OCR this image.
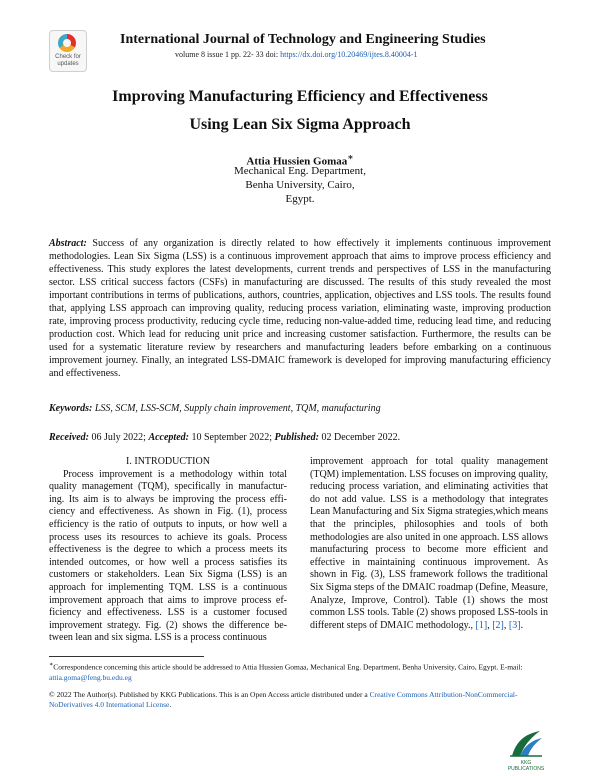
Check for
updates
International Journal of Technology and Engineering Studies
volume 8 issue 1 pp. 22- 33 doi: https://dx.doi.org/10.20469/ijtes.8.40004-1
Improving Manufacturing Efficiency and Effectiveness
Using Lean Six Sigma Approach
Attia Hussien Gomaa∗
Mechanical Eng. Department,
Benha University, Cairo,
Egypt.
Abstract: Success of any organization is directly related to how effectively it implements continuous improvement methodologies. Lean Six Sigma (LSS) is a continuous improvement approach that aims to improve process efficiency and effectiveness. This study explores the latest developments, current trends and perspectives of LSS in the manufacturing sector. LSS critical success factors (CSFs) in manufacturing are discussed. The results of this study revealed the most important contributions in terms of publications, authors, countries, application, objectives and LSS tools. The results found that, applying LSS approach can improving quality, reducing process variation, eliminating waste, improving production rate, improving process productivity, reducing cycle time, reducing non-value-added time, reducing lead time, and reducing production cost. Which lead for reducing unit price and increasing customer satisfaction. Furthermore, the results can be used for a systematic literature review by researchers and manufacturing leaders before embarking on a continuous improvement journey. Finally, an integrated LSS-DMAIC framework is developed for improving manufacturing efficiency and effectiveness.
Keywords: LSS, SCM, LSS-SCM, Supply chain improvement, TQM, manufacturing
Received: 06 July 2022; Accepted: 10 September 2022; Published: 02 December 2022.
I. INTRODUCTION
Process improvement is a methodology within total quality management (TQM), specifically in manufactur-ing. Its aim is to always be improving the process effi-ciency and effectiveness. As shown in Fig. (1), process efficiency is the ratio of outputs to inputs, or how well a process uses its resources to achieve its goals. Process effectiveness is the degree to which a process meets its intended outcomes, or how well a process satisfies its customers or stakeholders. Lean Six Sigma (LSS) is an approach for implementing TQM. LSS is a continuous improvement approach that aims to improve process ef-ficiency and effectiveness. LSS is a customer focused improvement strategy. Fig. (2) shows the difference be-tween lean and six sigma. LSS is a process continuous
improvement approach for total quality management (TQM) implementation. LSS focuses on improving quality, reducing process variation, and eliminating activities that do not add value. LSS is a methodology that integrates Lean Manufacturing and Six Sigma strategies,which means that the principles, philosophies and tools of both methodologies are also united in one approach. LSS allows manufacturing process to become more efficient and effective in maintaining continuous improvement. As shown in Fig. (3), LSS framework follows the traditional Six Sigma steps of the DMAIC roadmap (Define, Measure, Analyze, Improve, Control). Table (1) shows the most common LSS tools. Table (2) shows proposed LSS-tools in different steps of DMAIC methodology., [1], [2], [3].
∗Correspondence concerning this article should be addressed to Attia Hussien Gomaa, Mechanical Eng. Department, Benha University, Cairo, Egypt. E-mail: attia.goma@feng.bu.edu.eg
© 2022 The Author(s). Published by KKG Publications. This is an Open Access article distributed under a Creative Commons Attribution-NonCommercial-NoDerivatives 4.0 International License.
KKG PUBLICATIONS
